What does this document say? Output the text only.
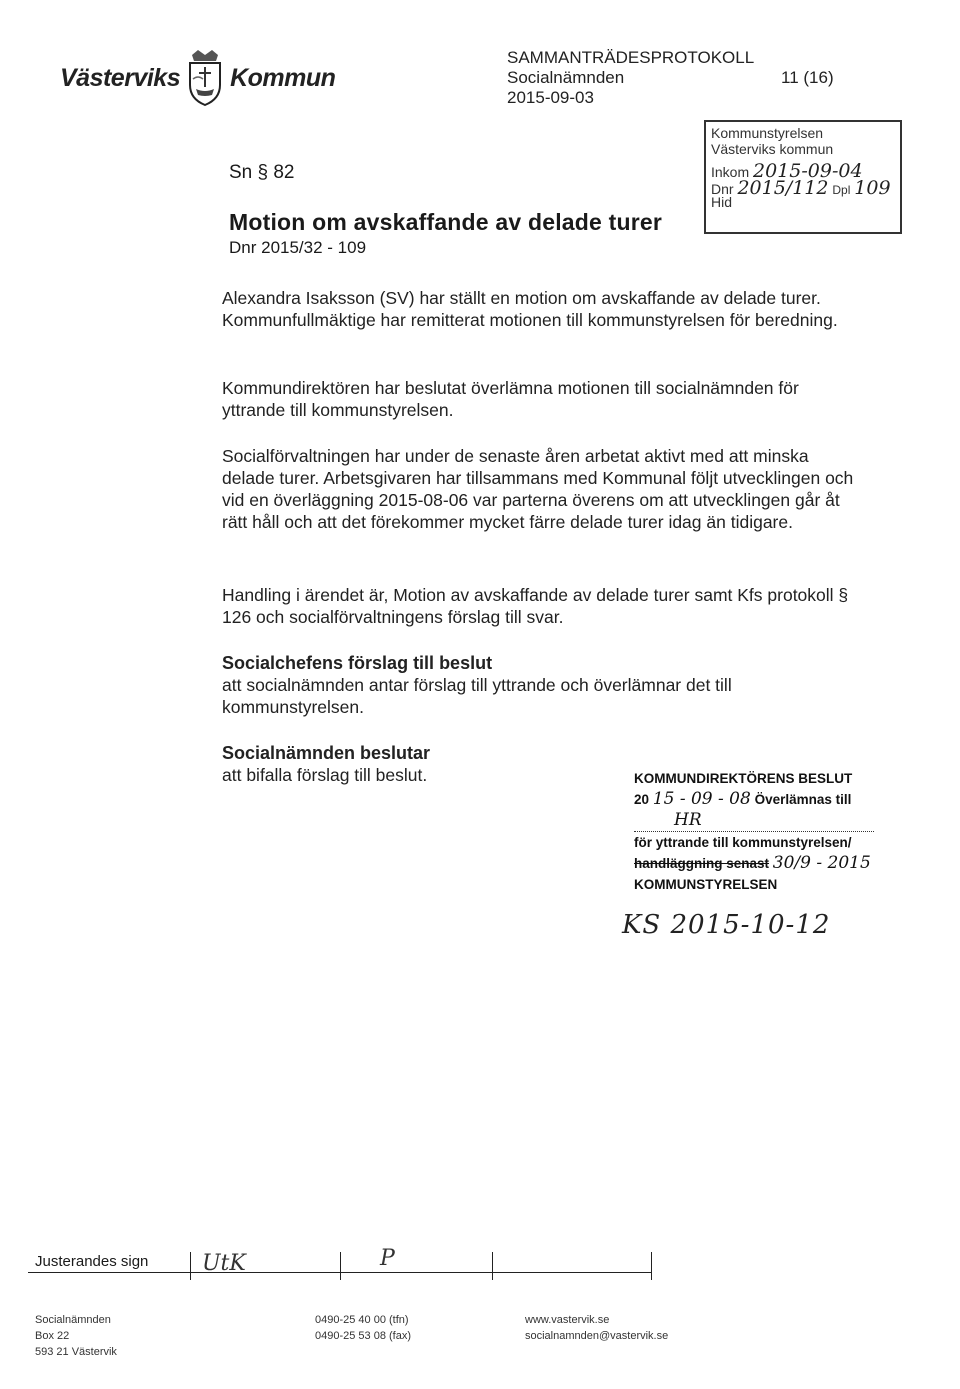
Västerviks Kommun
SAMMANTRÄDESPROTOKOLL
Socialnämnden
2015-09-03
11 (16)
Kommunstyrelsen
Västerviks kommun
Inkom 2015-09-04
Dnr 2015/112 Dpl 109
Hid
Sn § 82
Motion om avskaffande av delade turer
Dnr 2015/32 - 109
Alexandra Isaksson (SV) har ställt en motion om avskaffande av delade turer. Kommunfullmäktige har remitterat motionen till kommunstyrelsen för beredning.
Kommundirektören har beslutat överlämna motionen till socialnämnden för yttrande till kommunstyrelsen.
Socialförvaltningen har under de senaste åren arbetat aktivt med att minska delade turer. Arbetsgivaren har tillsammans med Kommunal följt utvecklingen och vid en överläggning 2015-08-06 var parterna överens om att utvecklingen går åt rätt håll och att det förekommer mycket färre delade turer idag än tidigare.
Handling i ärendet är, Motion av avskaffande av delade turer samt Kfs protokoll § 126 och socialförvaltningens förslag till svar.
Socialchefens förslag till beslut
att socialnämnden antar förslag till yttrande och överlämnar det till kommunstyrelsen.
Socialnämnden beslutar
att bifalla förslag till beslut.	KOMMUNDIREKTÖRENS BESLUT
20 15 - 09 - 08 Överlämnas till
HR
för yttrande till kommunstyrelsen/
handläggning senast 30/9 - 2015
KOMMUNSTYRELSEN
KS 2015-10-12
Justerandes sign UtK	P
Socialnämnden
Box 22
593 21 Västervik
0490-25 40 00 (tfn)
0490-25 53 08 (fax)
www.vastervik.se
socialnamnden@vastervik.se
